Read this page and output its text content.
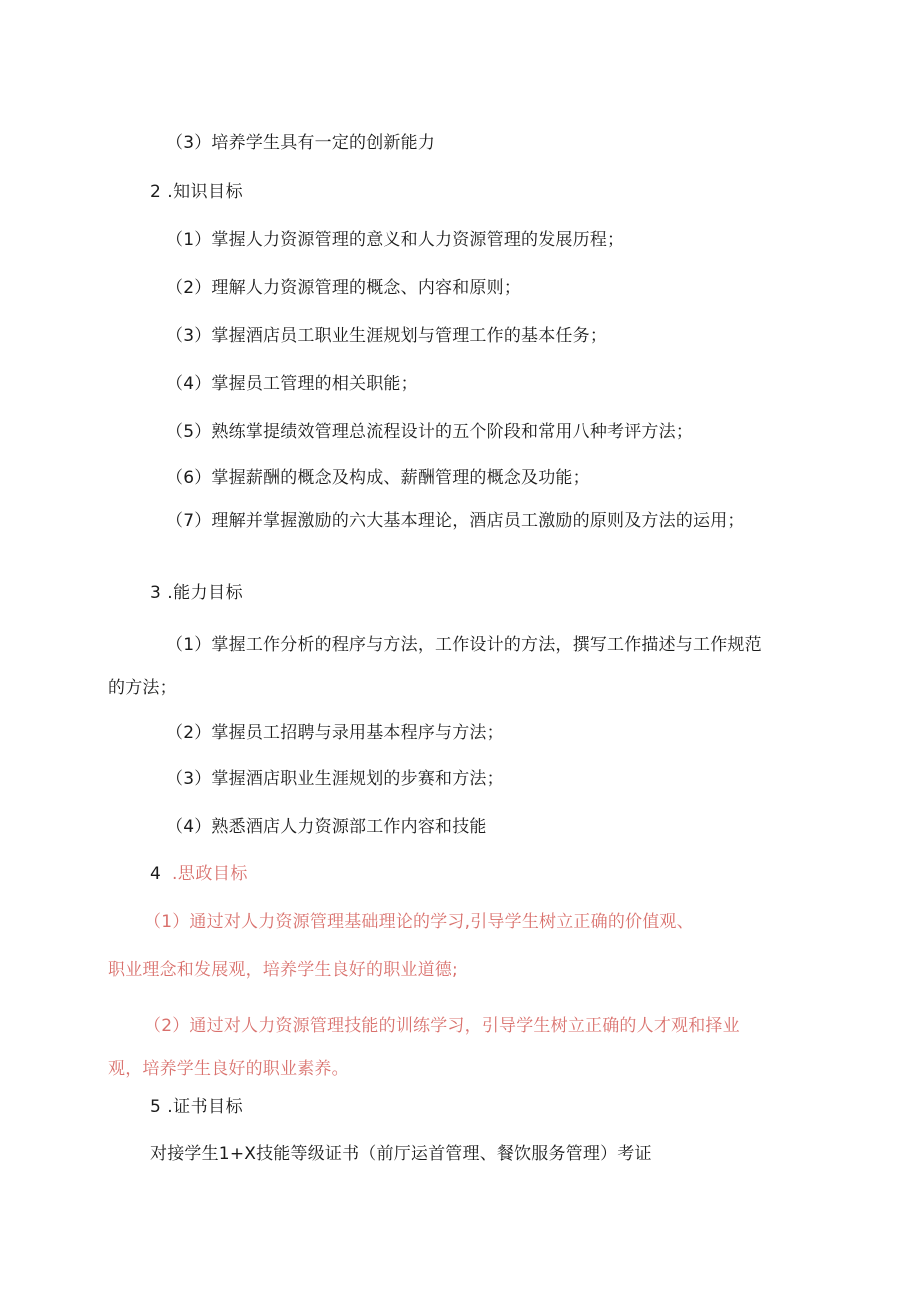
（3）培养学生具有一定的创新能力
2 .知识目标
（1）掌握人力资源管理的意义和人力资源管理的发展历程；
（2）理解人力资源管理的概念、内容和原则；
（3）掌握酒店员工职业生涯规划与管理工作的基本任务；
（4）掌握员工管理的相关职能；
（5）熟练掌提绩效管理总流程设计的五个阶段和常用八种考评方法；
（6）掌握薪酬的概念及构成、薪酬管理的概念及功能；
（7）理解并掌握激励的六大基本理论，酒店员工激励的原则及方法的运用；
3 .能力目标
（1）掌握工作分析的程序与方法，工作设计的方法，撰写工作描述与工作规范
的方法；
（2）掌握员工招聘与录用基本程序与方法；
（3）掌握酒店职业生涯规划的步赛和方法；
（4）熟悉酒店人力资源部工作内容和技能
4 .思政目标
（1）通过对人力资源管理基础理论的学习,引导学生树立正确的价值观、
职业理念和发展观，培养学生良好的职业道德;
（2）通过对人力资源管理技能的训练学习，引导学生树立正确的人才观和择业
观，培养学生良好的职业素养。
5 .证书目标
对接学生1+X技能等级证书（前厅运首管理、餐饮服务管理）考证
